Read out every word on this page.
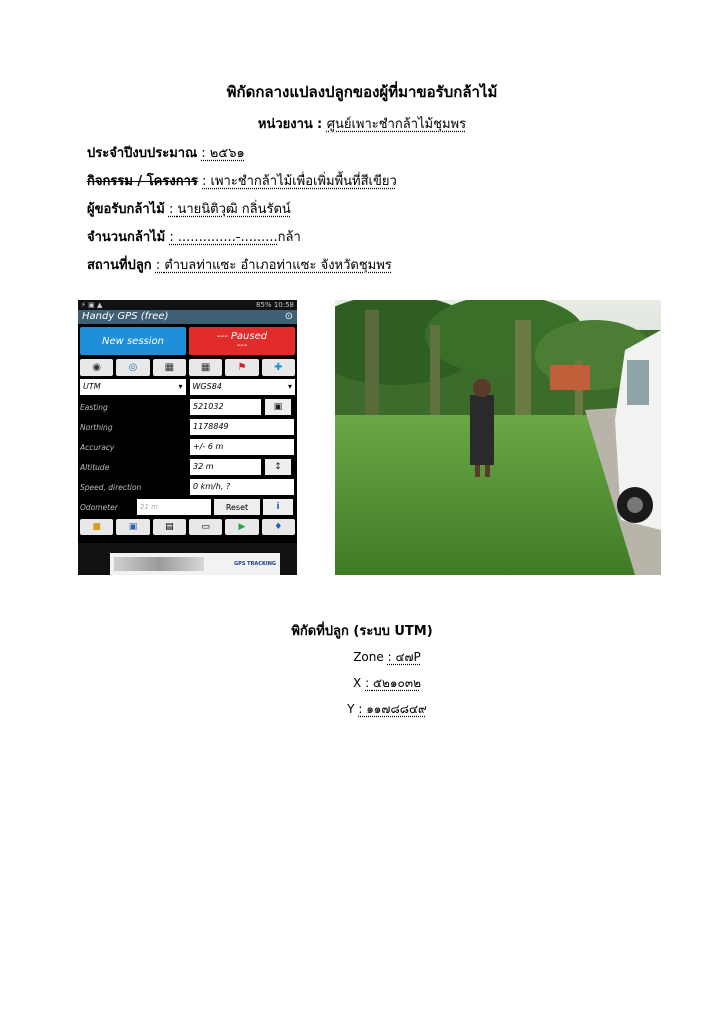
พิกัดกลางแปลงปลูกของผู้ที่มาขอรับกล้าไม้
หน่วยงาน : ศูนย์เพาะชำกล้าไม้ชุมพร
ประจำปีงบประมาณ : ๒๕๖๑
กิจกรรม / โครงการ : เพาะชำกล้าไม้เพื่อเพิ่มพื้นที่สีเขียว
ผู้ขอรับกล้าไม้ : นายนิติวุฒิ กลิ่นรัตน์
จำนวนกล้าไม้ : ..............-.........กล้า
สถานที่ปลูก : ตำบลท่าแซะ อำเภอท่าแซะ จังหวัดชุมพร
⚡ ▣ ▲	85% 10:58
Handy GPS (free)	⊙
New session	--- Paused
---
◉	◎	▦	▦	⚑	✚
UTM	▾ WGS84	▾
Easting	521032	▣
Northing	1178849
Accuracy	+/- 6 m
Altitude	32 m	↕
Speed, direction	0 km/h, ?
Odometer	21 m	Reset	i
■	▣	▤	▭	▶	♦
GPS TRACKING
พิกัดที่ปลูก (ระบบ UTM)
Zone : ๔๗P
X : ๕๒๑๐๓๒
Y : ๑๑๗๘๘๔๙
